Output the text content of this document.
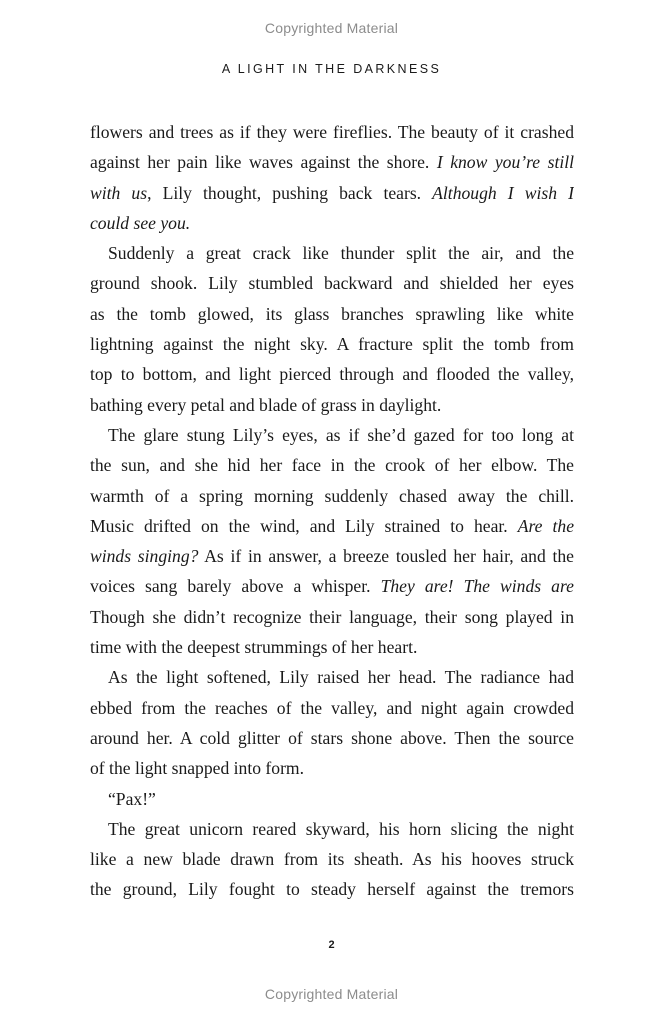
Copyrighted Material
A LIGHT IN THE DARKNESS
flowers and trees as if they were fireflies. The beauty of it crashed
against her pain like waves against the shore. I know you’re still
with us, Lily thought, pushing back tears. Although I wish I
could see you.
Suddenly a great crack like thunder split the air, and the
ground shook. Lily stumbled backward and shielded her eyes
as the tomb glowed, its glass branches sprawling like white
lightning against the night sky. A fracture split the tomb from
top to bottom, and light pierced through and flooded the valley,
bathing every petal and blade of grass in daylight.
The glare stung Lily’s eyes, as if she’d gazed for too long at
the sun, and she hid her face in the crook of her elbow. The
warmth of a spring morning suddenly chased away the chill.
Music drifted on the wind, and Lily strained to hear. Are the
winds singing? As if in answer, a breeze tousled her hair, and the
voices sang barely above a whisper. They are! The winds are
Though she didn’t recognize their language, their song played in
time with the deepest strummings of her heart.
As the light softened, Lily raised her head. The radiance had
ebbed from the reaches of the valley, and night again crowded
around her. A cold glitter of stars shone above. Then the source
of the light snapped into form.
“Pax!”
The great unicorn reared skyward, his horn slicing the night
like a new blade drawn from its sheath. As his hooves struck
the ground, Lily fought to steady herself against the tremors
2
Copyrighted Material
